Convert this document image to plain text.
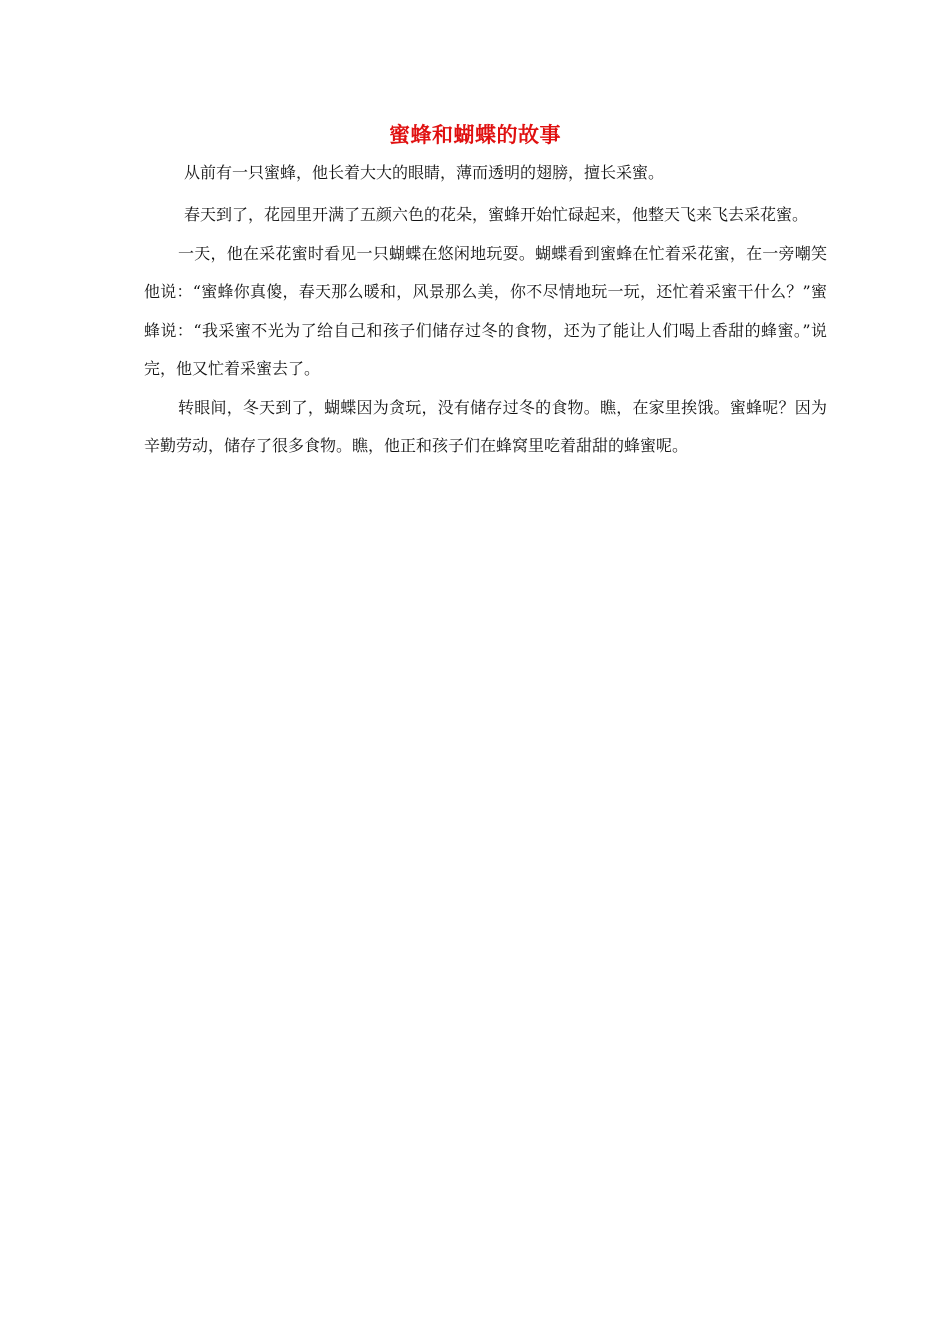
蜜蜂和蝴蝶的故事

从前有一只蜜蜂，他长着大大的眼睛，薄而透明的翅膀，擅长采蜜。

春天到了，花园里开满了五颜六色的花朵，蜜蜂开始忙碌起来，他整天飞来飞去采花蜜。

一天，他在采花蜜时看见一只蝴蝶在悠闲地玩耍。蝴蝶看到蜜蜂在忙着采花蜜，在一旁嘲笑他说：“蜜蜂你真傻，春天那么暖和，风景那么美，你不尽情地玩一玩，还忙着采蜜干什么？”蜜蜂说：“我采蜜不光为了给自己和孩子们储存过冬的食物，还为了能让人们喝上香甜的蜂蜜。”说完，他又忙着采蜜去了。

转眼间，冬天到了，蝴蝶因为贪玩，没有储存过冬的食物。瞧，在家里挨饿。蜜蜂呢？因为辛勤劳动，储存了很多食物。瞧，他正和孩子们在蜂窝里吃着甜甜的蜂蜜呢。
